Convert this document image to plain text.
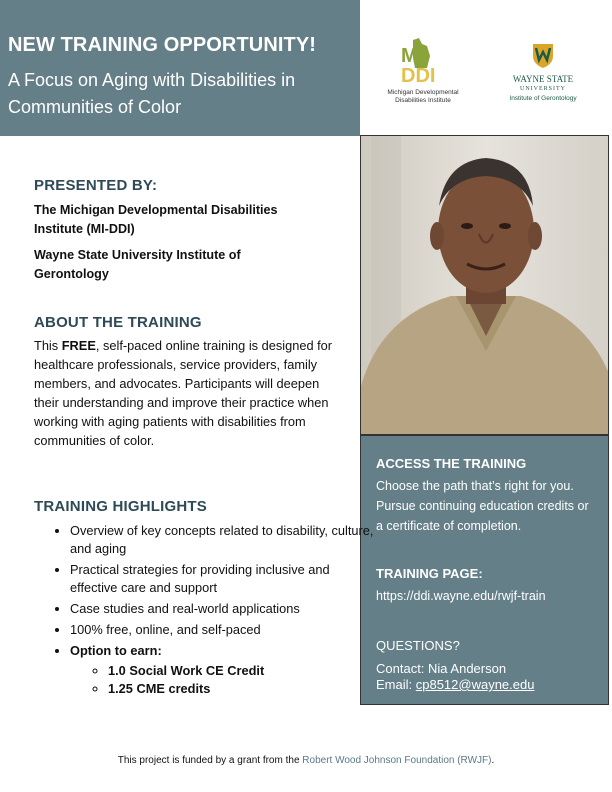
NEW TRAINING OPPORTUNITY!
A Focus on Aging with Disabilities in Communities of Color
MI
DDI
Michigan Developmental
Disabilities Institute
WAYNE STATE
UNIVERSITY
Institute of Gerontology
ACCESS THE TRAINING
Choose the path that’s right for you. Pursue continuing education credits or a certificate of completion.
TRAINING PAGE:
https://ddi.wayne.edu/rwjf-train
QUESTIONS?
Contact: Nia Anderson
Email: cp8512@wayne.edu
PRESENTED BY:
The Michigan Developmental Disabilities Institute (MI-DDI)
Wayne State University Institute of Gerontology
ABOUT THE TRAINING
This FREE, self-paced online training is designed for healthcare professionals, service providers, family members, and advocates. Participants will deepen their understanding and improve their practice when working with aging patients with disabilities from communities of color.
TRAINING HIGHLIGHTS
• Overview of key concepts related to disability, culture, and aging
• Practical strategies for providing inclusive and effective care and support
• Case studies and real-world applications
• 100% free, online, and self-paced
• Option to earn:
◦ 1.0 Social Work CE Credit
◦ 1.25 CME credits
This project is funded by a grant from the Robert Wood Johnson Foundation (RWJF).
